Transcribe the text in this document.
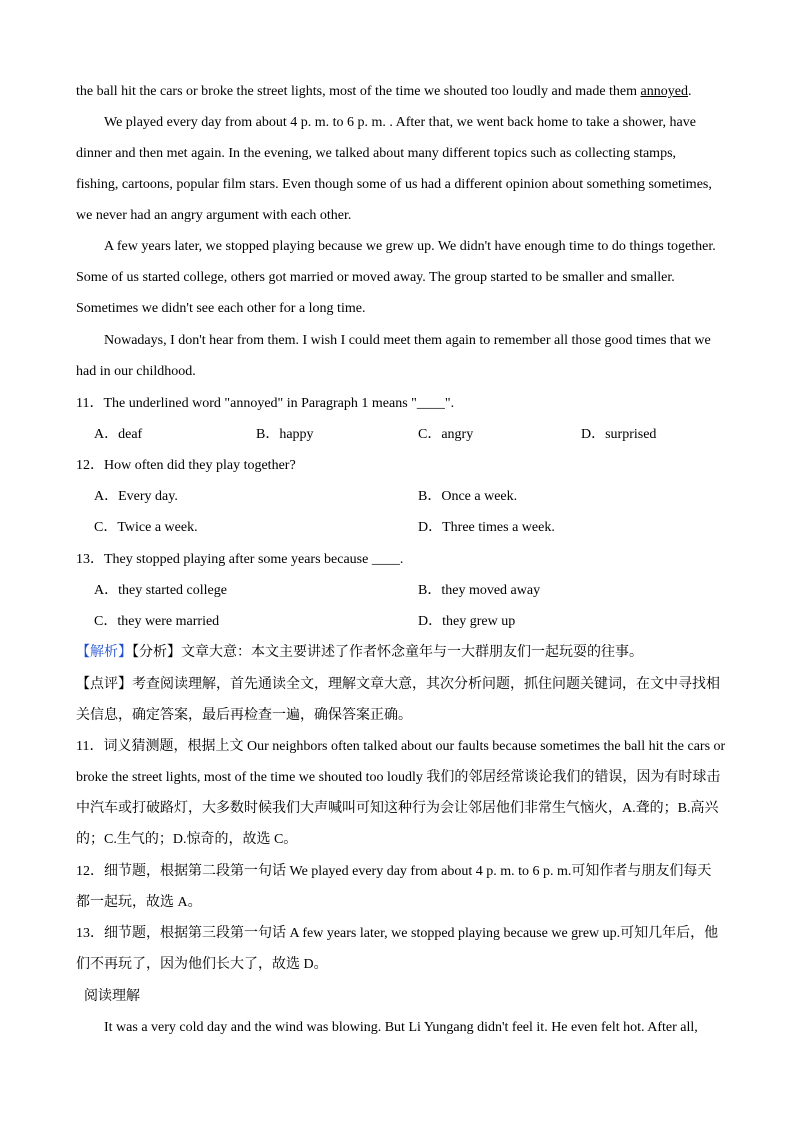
the ball hit the cars or broke the street lights, most of the time we shouted too loudly and made them annoyed.
We played every day from about 4 p. m. to 6 p. m. . After that, we went back home to take a shower, have
dinner and then met again. In the evening, we talked about many different topics such as collecting stamps,
fishing, cartoons, popular film stars. Even though some of us had a different opinion about something sometimes,
we never had an angry argument with each other.
A few years later, we stopped playing because we grew up. We didn't have enough time to do things together.
Some of us started college, others got married or moved away. The group started to be smaller and smaller.
Sometimes we didn't see each other for a long time.
Nowadays, I don't hear from them. I wish I could meet them again to remember all those good times that we
had in our childhood.
11．The underlined word "annoyed" in Paragraph 1 means "____".
A．deaf	B．happy	C．angry	D．surprised
12．How often did they play together?
A．Every day.	B．Once a week.
C．Twice a week.	D．Three times a week.
13．They stopped playing after some years because ____.
A．they started college	B．they moved away
C．they were married	D．they grew up
【解析】【分析】文章大意：本文主要讲述了作者怀念童年与一大群朋友们一起玩耍的往事。
【点评】考查阅读理解，首先通读全文，理解文章大意，其次分析问题，抓住问题关键词，在文中寻找相
关信息，确定答案，最后再检查一遍，确保答案正确。
11．词义猜测题，根据上文 Our neighbors often talked about our faults because sometimes the ball hit the cars or
broke the street lights, most of the time we shouted too loudly 我们的邻居经常谈论我们的错误，因为有时球击
中汽车或打破路灯，大多数时候我们大声喊叫可知这种行为会让邻居他们非常生气恼火，A.聋的；B.高兴
的；C.生气的；D.惊奇的，故选 C。
12．细节题，根据第二段第一句话 We played every day from about 4 p. m. to 6 p. m.可知作者与朋友们每天
都一起玩，故选 A。
13．细节题，根据第三段第一句话 A few years later, we stopped playing because we grew up.可知几年后，他
们不再玩了，因为他们长大了，故选 D。
阅读理解
It was a very cold day and the wind was blowing. But Li Yungang didn't feel it. He even felt hot. After all,
